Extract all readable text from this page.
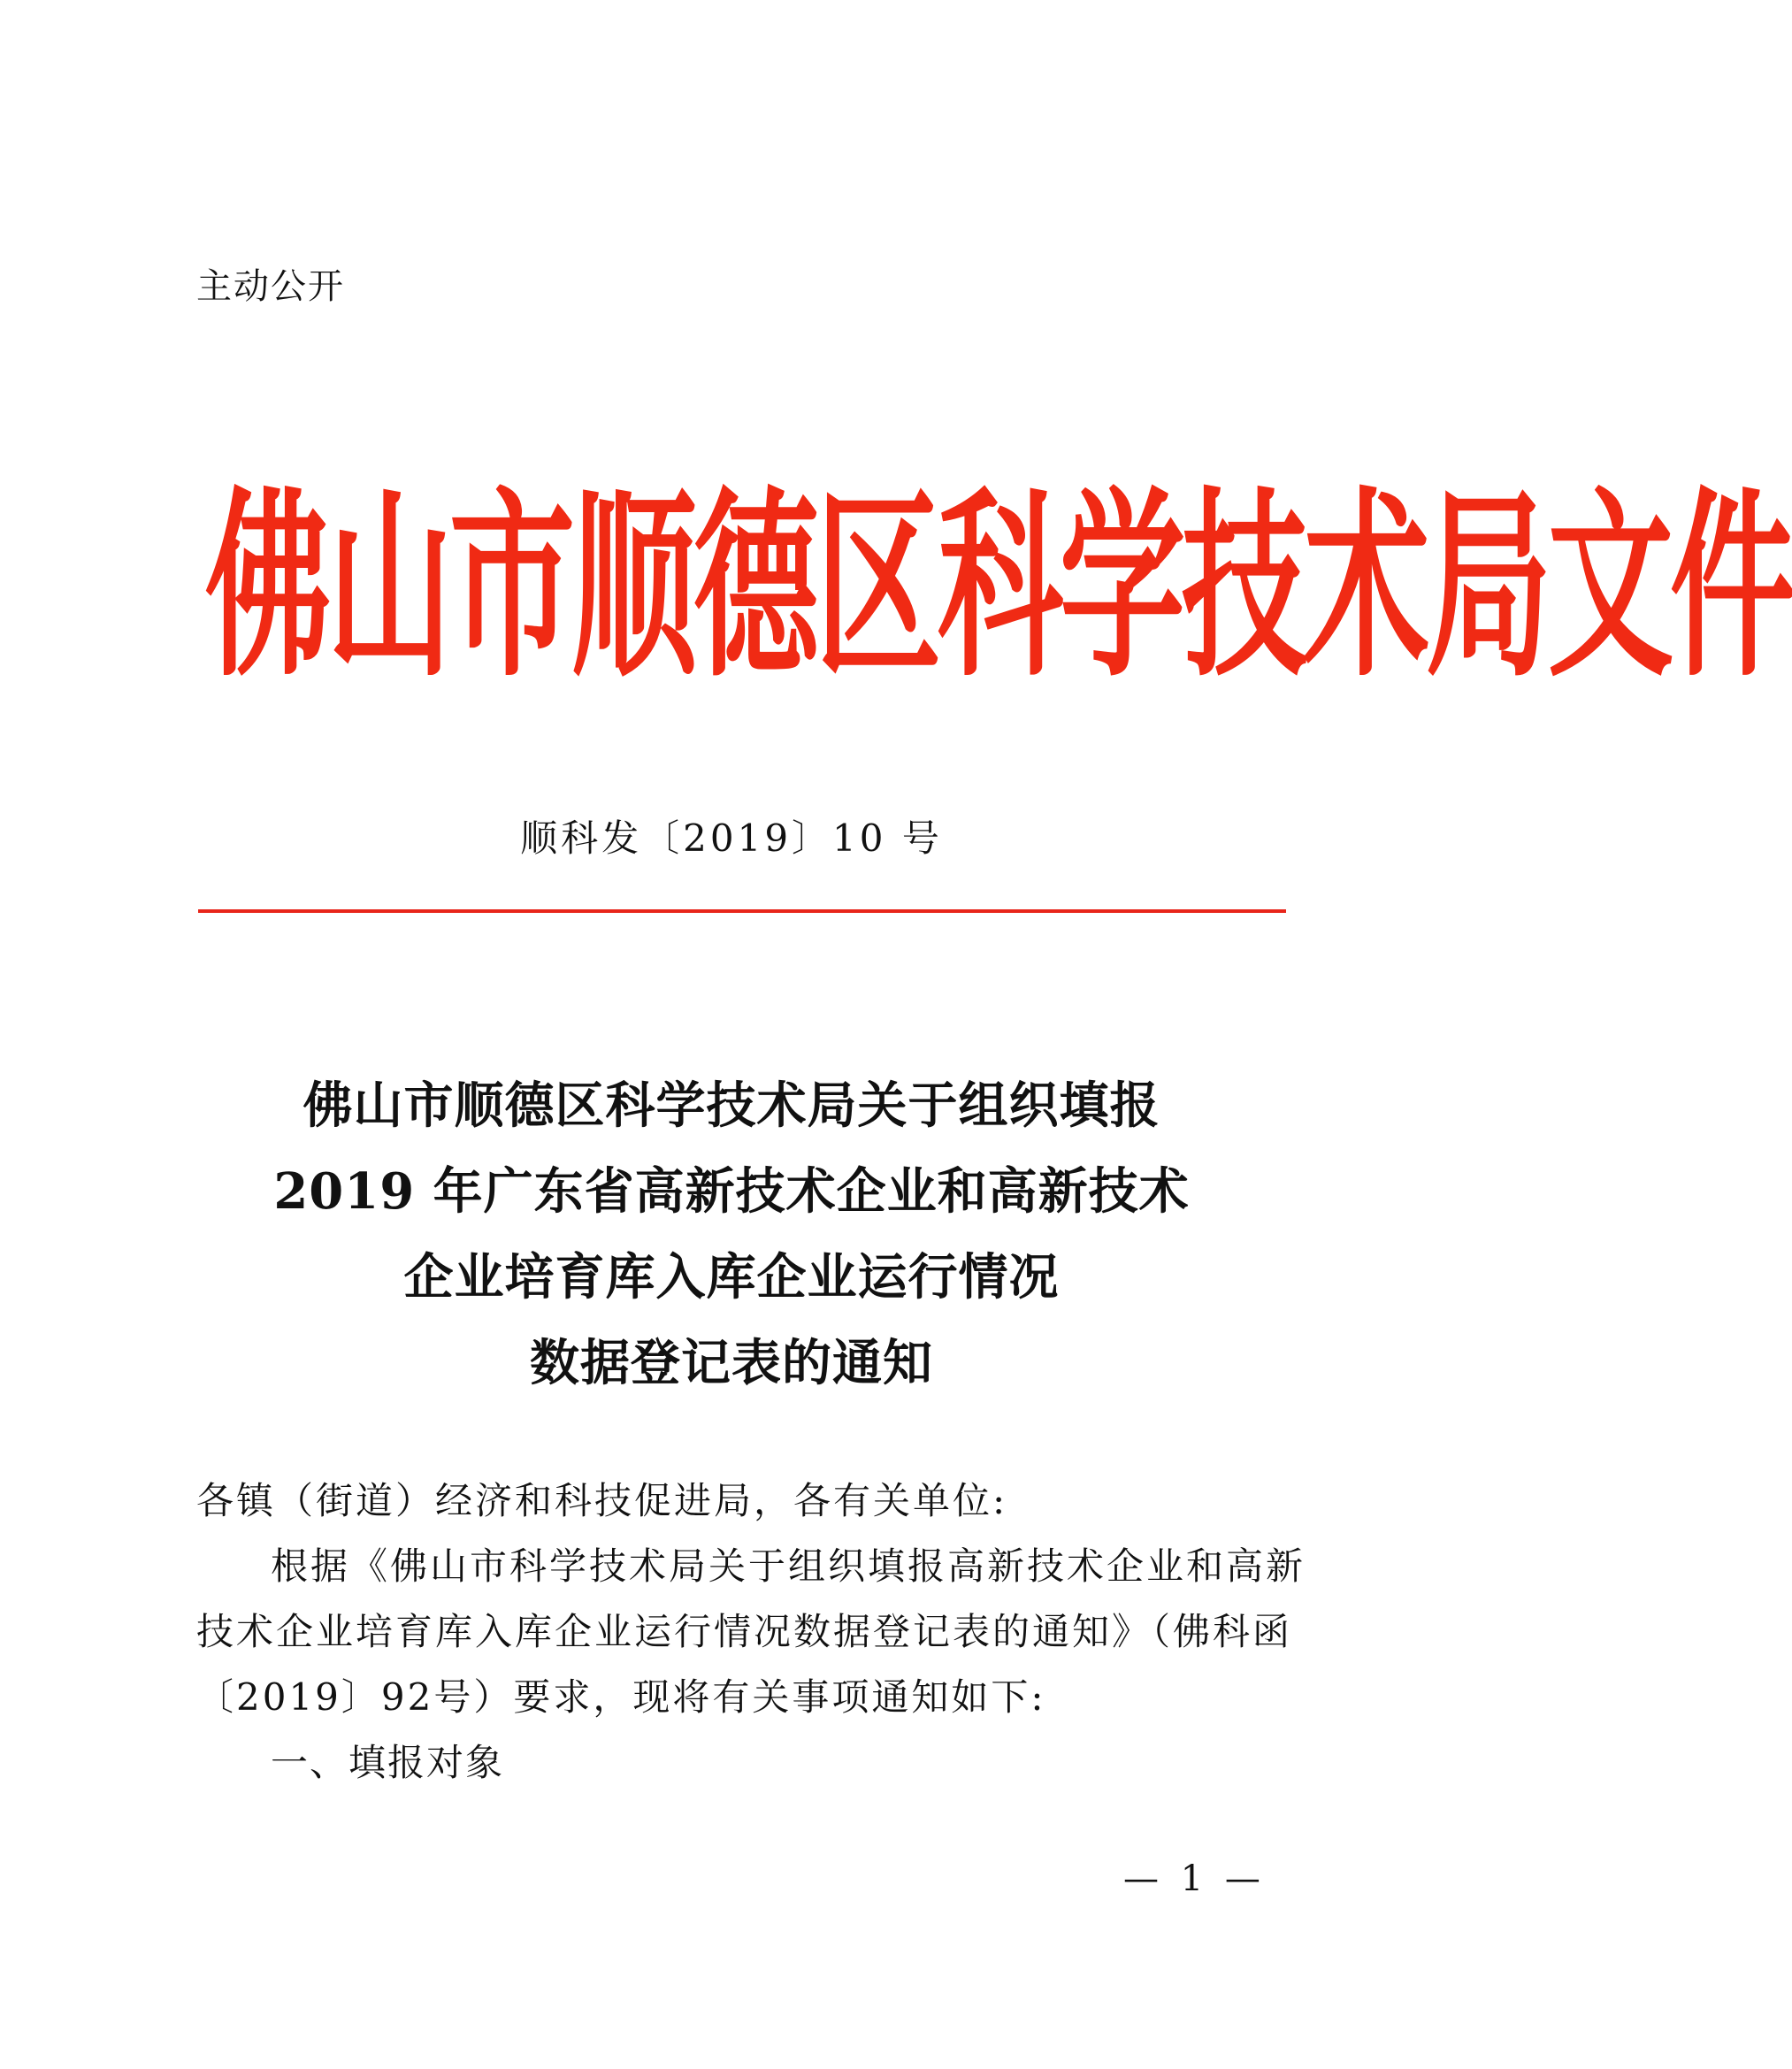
主动公开
佛山市顺德区科学技术局文件
顺科发〔2019〕10 号
佛山市顺德区科学技术局关于组织填报
2019 年广东省高新技术企业和高新技术
企业培育库入库企业运行情况
数据登记表的通知
各镇（街道）经济和科技促进局，各有关单位:
根据《佛山市科学技术局关于组织填报高新技术企业和高新
技术企业培育库入库企业运行情况数据登记表的通知》（佛科函
〔2019〕92号）要求，现将有关事项通知如下:
一、填报对象
— 1 —
